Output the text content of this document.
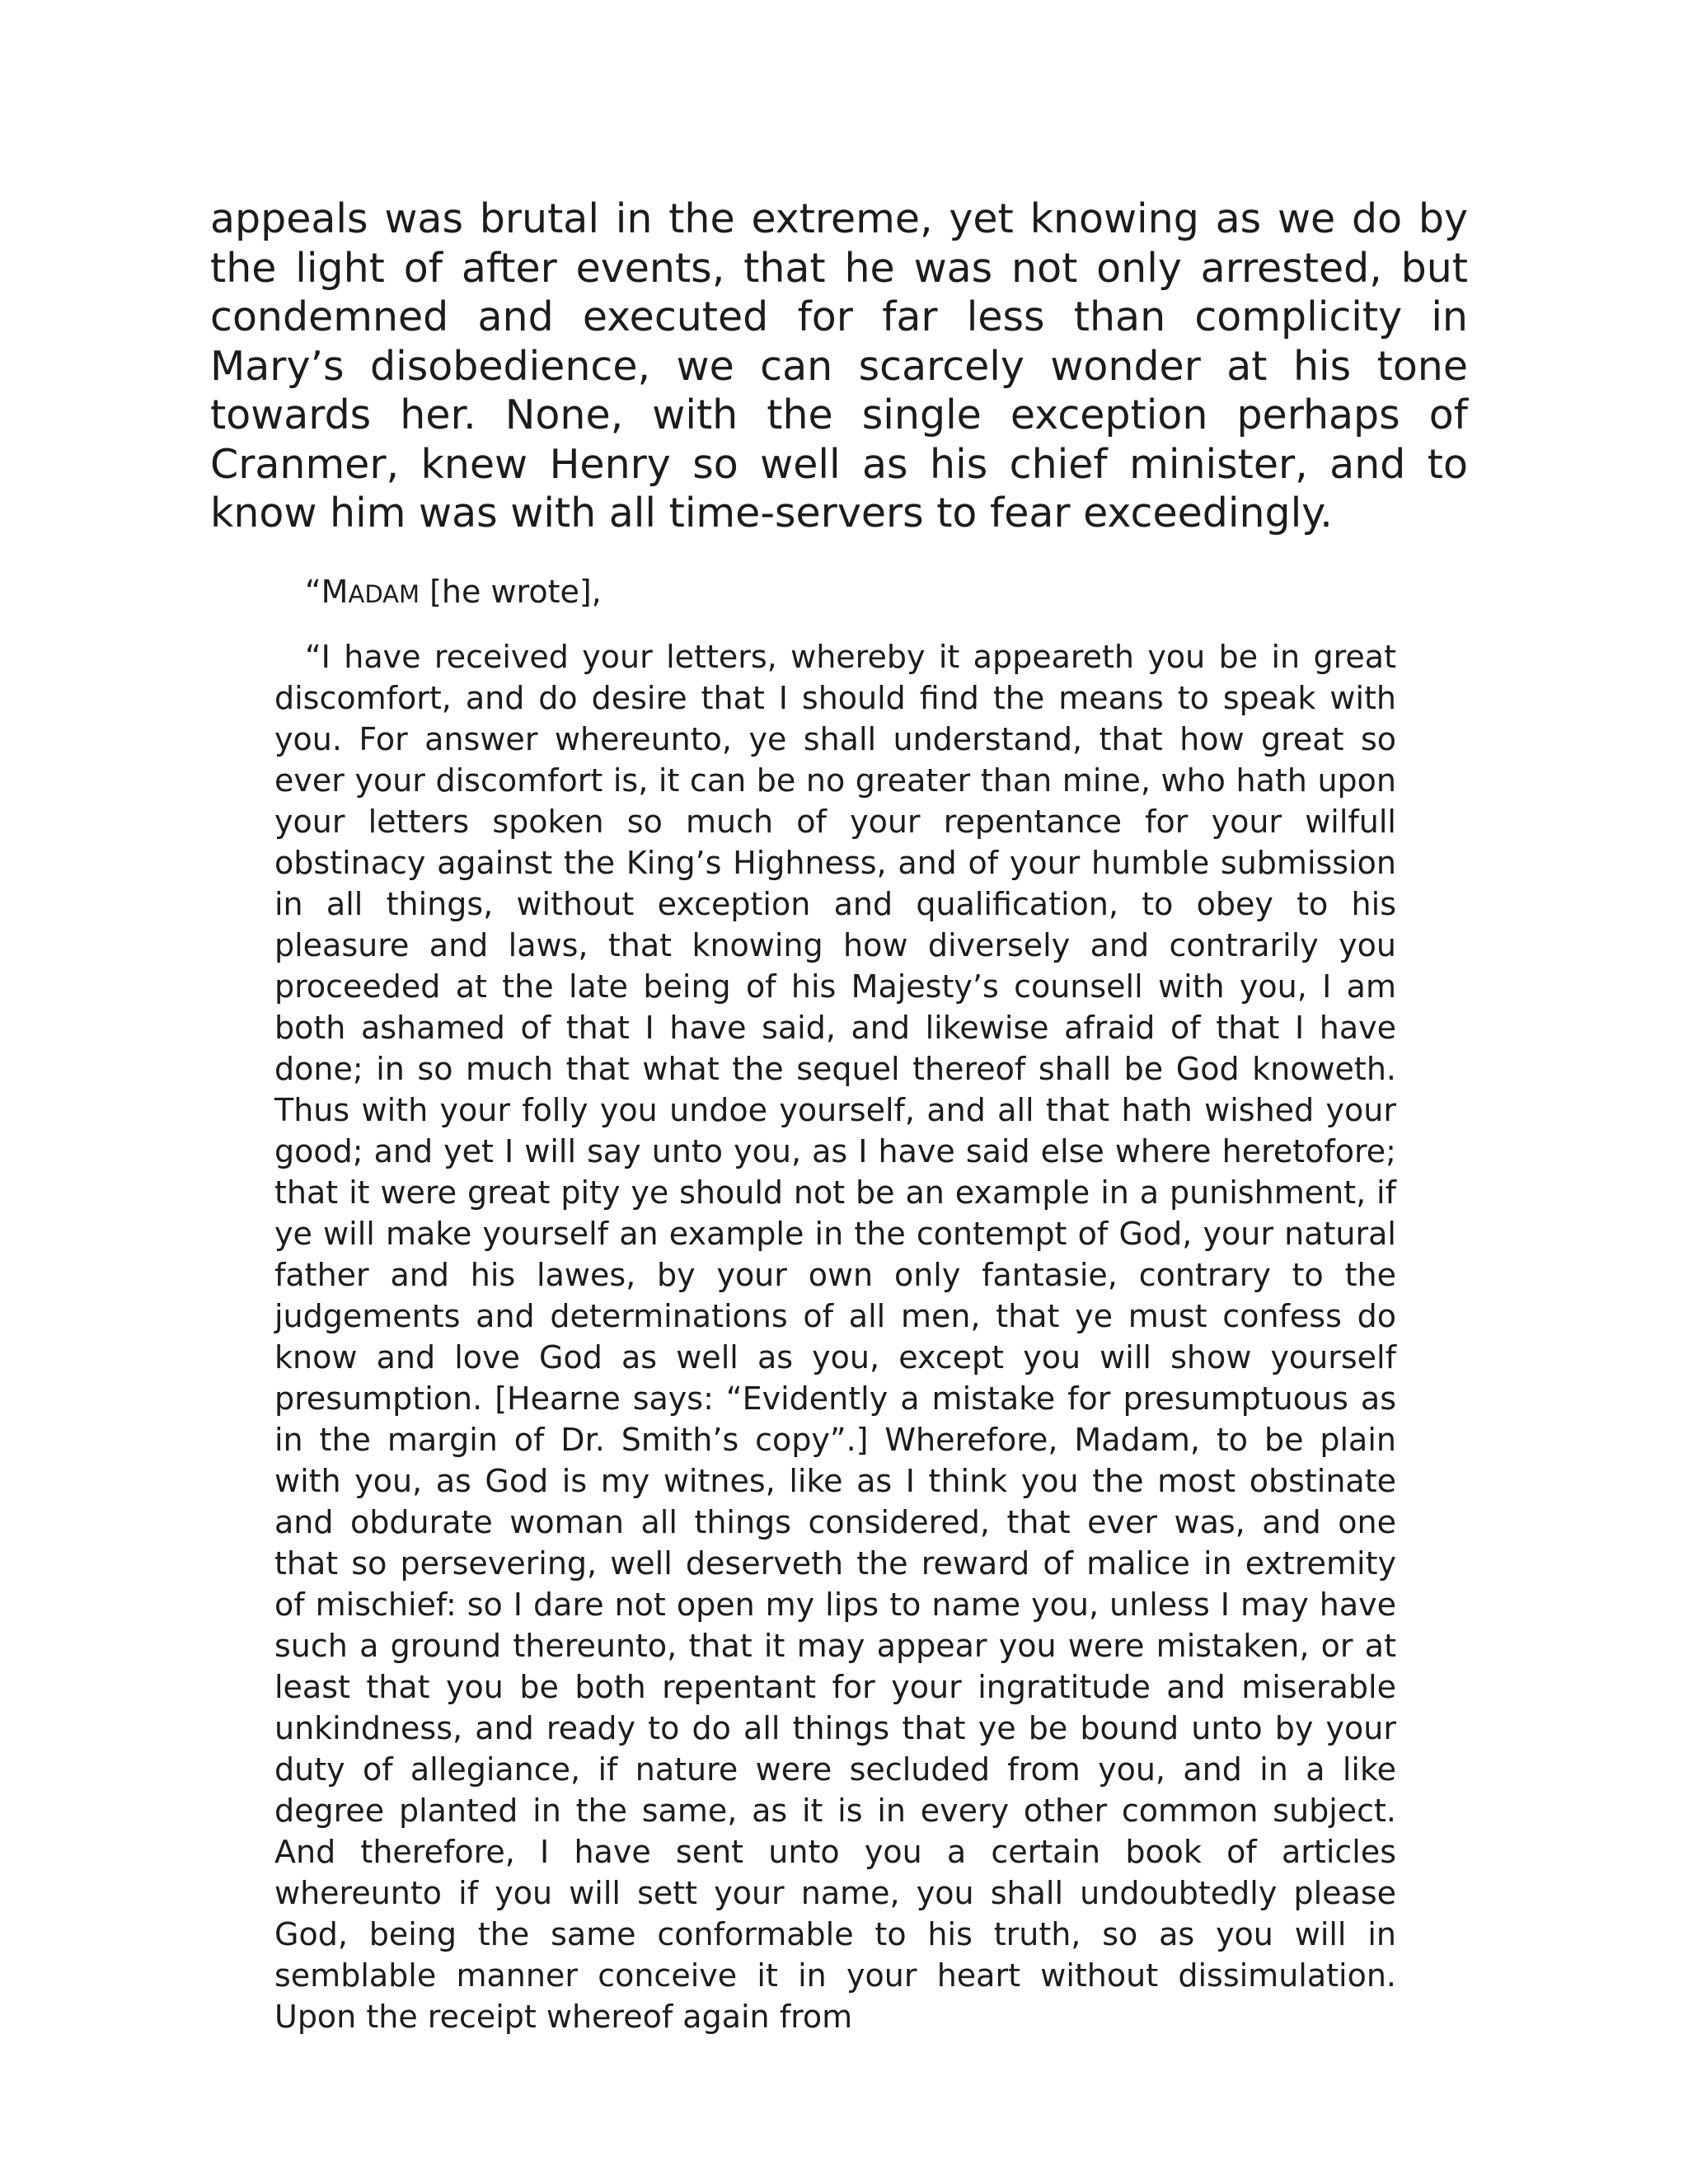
appeals was brutal in the extreme, yet knowing as we do by the light of after events, that he was not only arrested, but condemned and executed for far less than complicity in Mary’s disobedience, we can scarcely wonder at his tone towards her. None, with the single exception perhaps of Cranmer, knew Henry so well as his chief minister, and to know him was with all time-servers to fear exceedingly.

“MADAM [he wrote],

“I have received your letters, whereby it appeareth you be in great discomfort, and do desire that I should find the means to speak with you. For answer whereunto, ye shall understand, that how great so ever your discomfort is, it can be no greater than mine, who hath upon your letters spoken so much of your repentance for your wilfull obstinacy against the King’s Highness, and of your humble submission in all things, without exception and qualification, to obey to his pleasure and laws, that knowing how diversely and contrarily you proceeded at the late being of his Majesty’s counsell with you, I am both ashamed of that I have said, and likewise afraid of that I have done; in so much that what the sequel thereof shall be God knoweth. Thus with your folly you undoe yourself, and all that hath wished your good; and yet I will say unto you, as I have said else where heretofore; that it were great pity ye should not be an example in a punishment, if ye will make yourself an example in the contempt of God, your natural father and his lawes, by your own only fantasie, contrary to the judgements and determinations of all men, that ye must confess do know and love God as well as you, except you will show yourself presumption. [Hearne says: “Evidently a mistake for presumptuous as in the margin of Dr. Smith’s copy”.] Wherefore, Madam, to be plain with you, as God is my witnes, like as I think you the most obstinate and obdurate woman all things considered, that ever was, and one that so persevering, well deserveth the reward of malice in extremity of mischief: so I dare not open my lips to name you, unless I may have such a ground thereunto, that it may appear you were mistaken, or at least that you be both repentant for your ingratitude and miserable unkindness, and ready to do all things that ye be bound unto by your duty of allegiance, if nature were secluded from you, and in a like degree planted in the same, as it is in every other common subject. And therefore, I have sent unto you a certain book of articles whereunto if you will sett your name, you shall undoubtedly please God, being the same conformable to his truth, so as you will in semblable manner conceive it in your heart without dissimulation. Upon the receipt whereof again from
